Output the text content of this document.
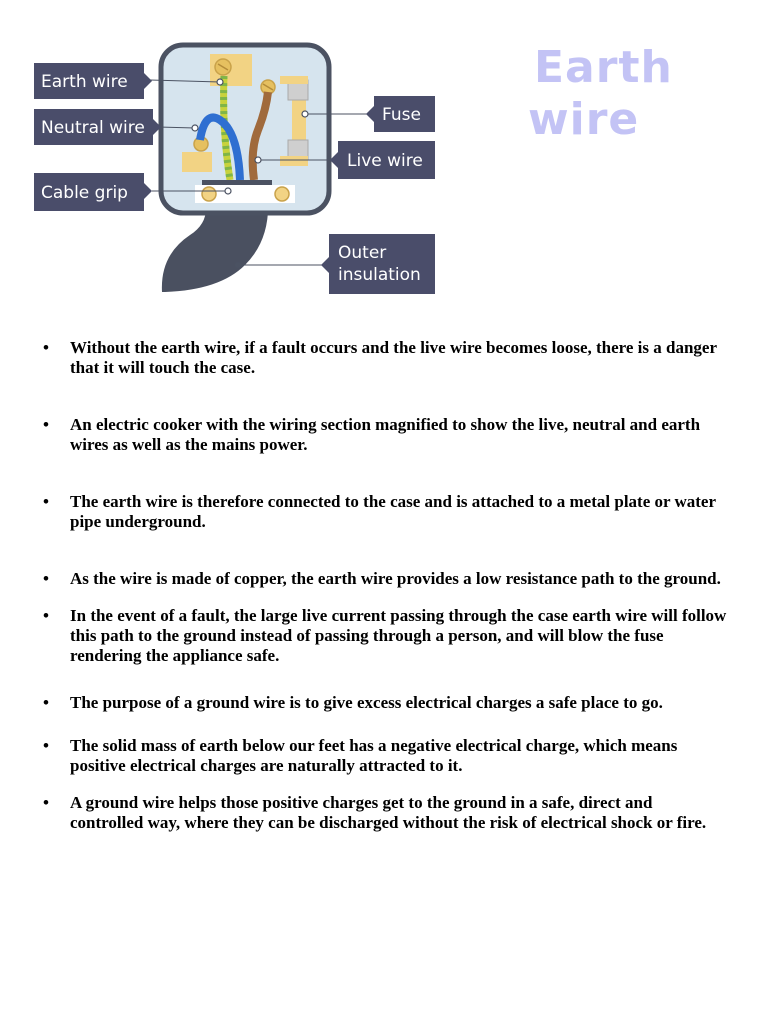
Earth
wire
Earth wire
Neutral wire
Cable grip
Fuse
Live wire
Outer
insulation
• Without the earth wire, if a fault occurs and the live wire becomes loose, there is a danger that it will touch the case.
• An electric cooker with the wiring section magnified to show the live, neutral and earth wires as well as the mains power.
• The earth wire is therefore connected to the case and is attached to a metal plate or water pipe underground.
• As the wire is made of copper, the earth wire provides a low resistance path to the ground.
• In the event of a fault, the large live current passing through the case earth wire will follow this path to the ground instead of passing through a person, and will blow the fuse rendering the appliance safe.
• The purpose of a ground wire is to give excess electrical charges a safe place to go.
• The solid mass of earth below our feet has a negative electrical charge, which means positive electrical charges are naturally attracted to it.
• A ground wire helps those positive charges get to the ground in a safe, direct and controlled way, where they can be discharged without the risk of electrical shock or fire.
